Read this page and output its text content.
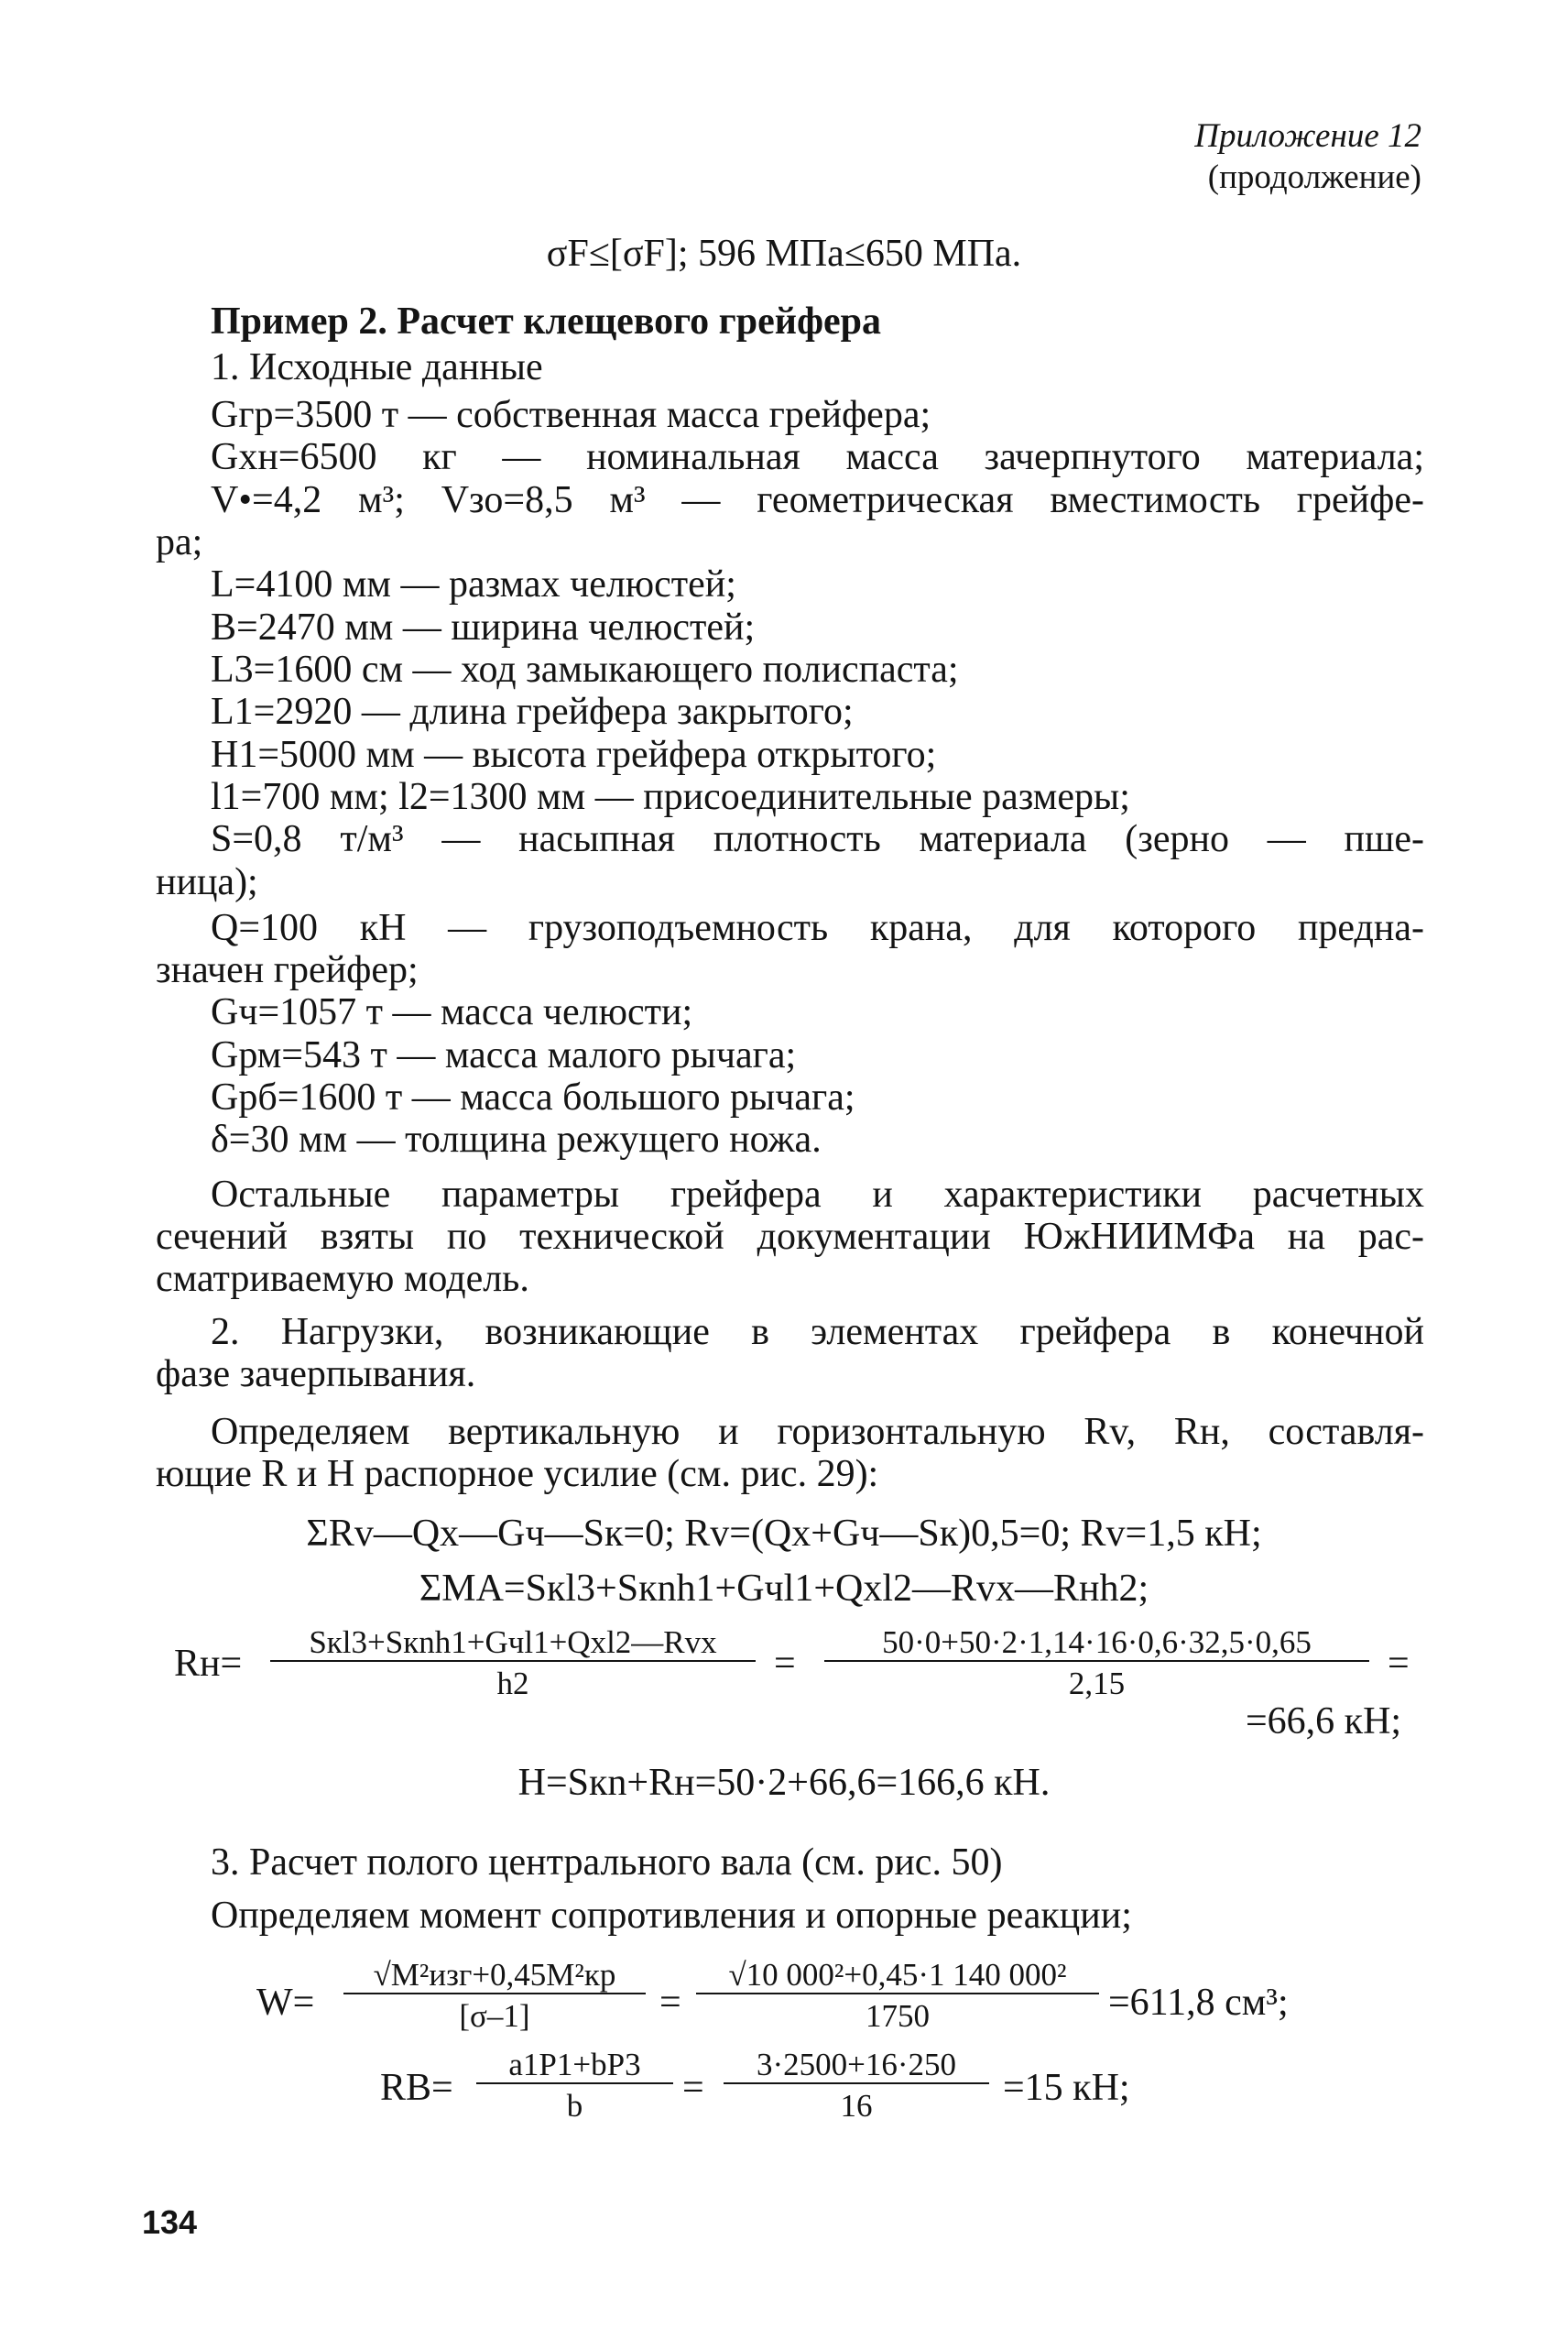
Приложение 12
(продолжение)
σF≤[σF]; 596 МПа≤650 МПа.
Пример 2. Расчет клещевого грейфера
1. Исходные данные
Gгр=3500 т — собственная масса грейфера;
Gхн=6500 кг — номинальная масса зачерпнутого материала;
V•=4,2 м³; Vзо=8,5 м³ — геометрическая вместимость грейфе-
ра;
L=4100 мм — размах челюстей;
B=2470 мм — ширина челюстей;
L3=1600 см — ход замыкающего полиспаста;
L1=2920 — длина грейфера закрытого;
H1=5000 мм — высота грейфера открытого;
l1=700 мм; l2=1300 мм — присоединительные размеры;
S=0,8 т/м³ — насыпная плотность материала (зерно — пше-
ница);
Q=100 кН — грузоподъемность крана, для которого предна-
значен грейфер;
Gч=1057 т — масса челюсти;
Gрм=543 т — масса малого рычага;
Gрб=1600 т — масса большого рычага;
δ=30 мм — толщина режущего ножа.
Остальные параметры грейфера и характеристики расчетных
сечений взяты по технической документации ЮжНИИМФа на рас-
сматриваемую модель.
2. Нагрузки, возникающие в элементах грейфера в конечной
фазе зачерпывания.
Определяем вертикальную и горизонтальную Rv, Rн, составля-
ющие R и H распорное усилие (см. рис. 29):
ΣRv—Qx—Gч—Sк=0; Rv=(Qx+Gч—Sк)0,5=0; Rv=1,5 кН;
ΣMA=Sкl3+Sкnh1+Gчl1+Qxl2—Rvx—Rнh2;
Rн=
Sкl3+Sкnh1+Gчl1+Qxl2—Rvx
h2	= $\frac{50\cdot 0+50\cdot 2\cdot 1,14\cdot 16\cdot 0,6\cdot 32,5\cdot 0,65}{2,15}$ =
=66,6 кН;
H=Sкn+Rн=50·2+66,6=166,6 кН.
3. Расчет полого центрального вала (см. рис. 50)
Определяем момент сопротивления и опорные реакции;
W=
√M²изг+0,45M²кр
[σ–1]	= $\frac{\text{√10 000²+0,45·1 140 000²}}{1750} =611,8$ см³;
$RB= \frac{a1P1+bP3}{b} = \frac{3\cdot 2500+16\cdot 250}{16} =15$ кН;
134
